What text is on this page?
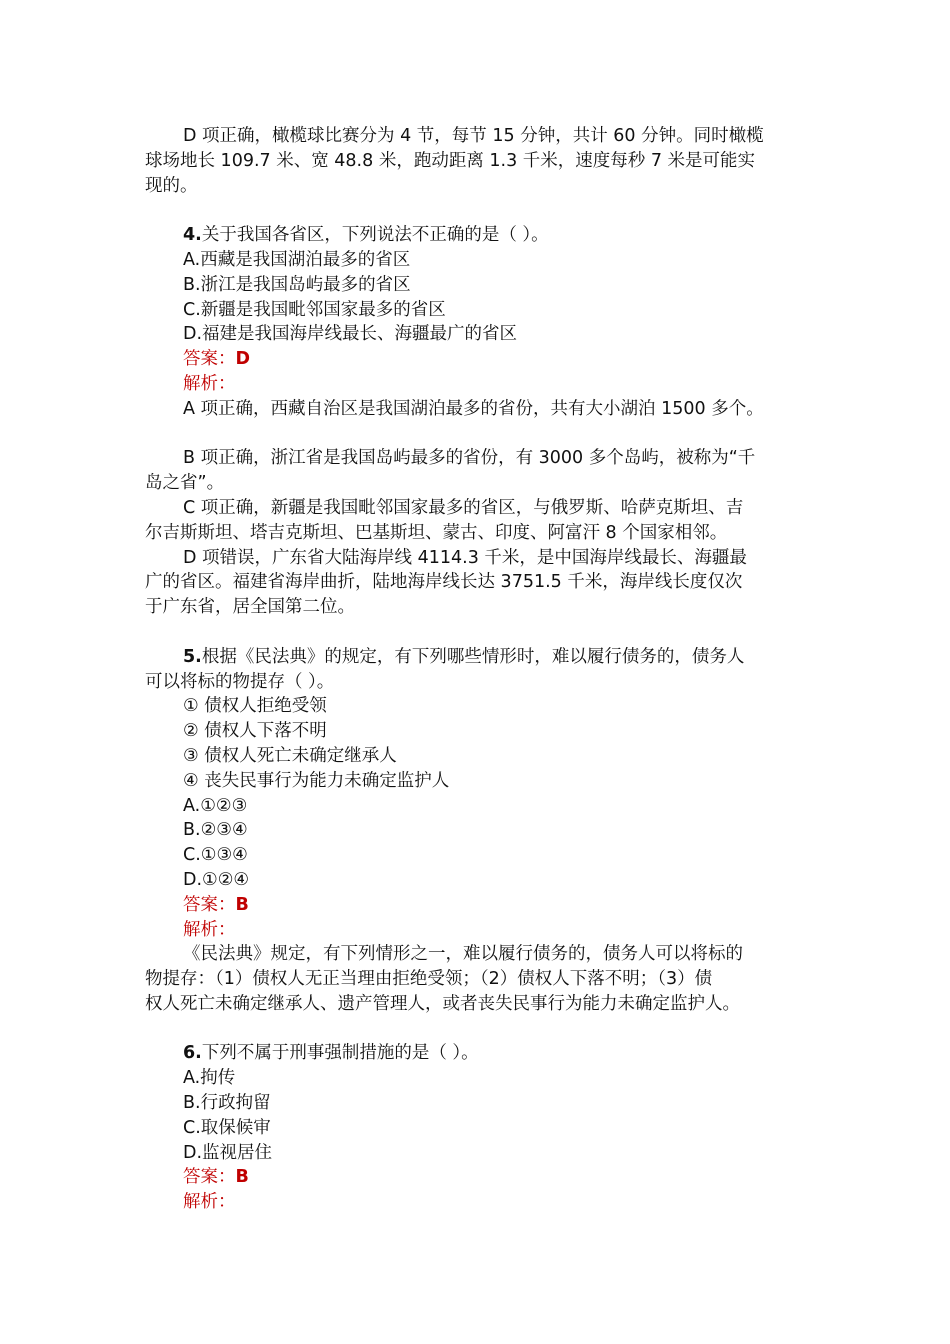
D 项正确，橄榄球比赛分为 4 节，每节 15 分钟，共计 60 分钟。同时橄榄
球场地长 109.7 米、宽 48.8 米，跑动距离 1.3 千米，速度每秒 7 米是可能实
现的。
4.关于我国各省区，下列说法不正确的是（ ）。
A.西藏是我国湖泊最多的省区
B.浙江是我国岛屿最多的省区
C.新疆是我国毗邻国家最多的省区
D.福建是我国海岸线最长、海疆最广的省区
答案：D
解析：
A 项正确，西藏自治区是我国湖泊最多的省份，共有大小湖泊 1500 多个。
B 项正确，浙江省是我国岛屿最多的省份，有 3000 多个岛屿，被称为“千
岛之省”。
C 项正确，新疆是我国毗邻国家最多的省区，与俄罗斯、哈萨克斯坦、吉
尔吉斯斯坦、塔吉克斯坦、巴基斯坦、蒙古、印度、阿富汗 8 个国家相邻。
D 项错误，广东省大陆海岸线 4114.3 千米，是中国海岸线最长、海疆最
广的省区。福建省海岸曲折，陆地海岸线长达 3751.5 千米，海岸线长度仅次
于广东省，居全国第二位。
5.根据《民法典》的规定，有下列哪些情形时，难以履行债务的，债务人
可以将标的物提存（ ）。
① 债权人拒绝受领
② 债权人下落不明
③ 债权人死亡未确定继承人
④ 丧失民事行为能力未确定监护人
A.①②③
B.②③④
C.①③④
D.①②④
答案：B
解析：
《民法典》规定，有下列情形之一，难以履行债务的，债务人可以将标的
物提存：（1）债权人无正当理由拒绝受领；（2）债权人下落不明；（3）债
权人死亡未确定继承人、遗产管理人，或者丧失民事行为能力未确定监护人。
6.下列不属于刑事强制措施的是（ ）。
A.拘传
B.行政拘留
C.取保候审
D.监视居住
答案：B
解析：
